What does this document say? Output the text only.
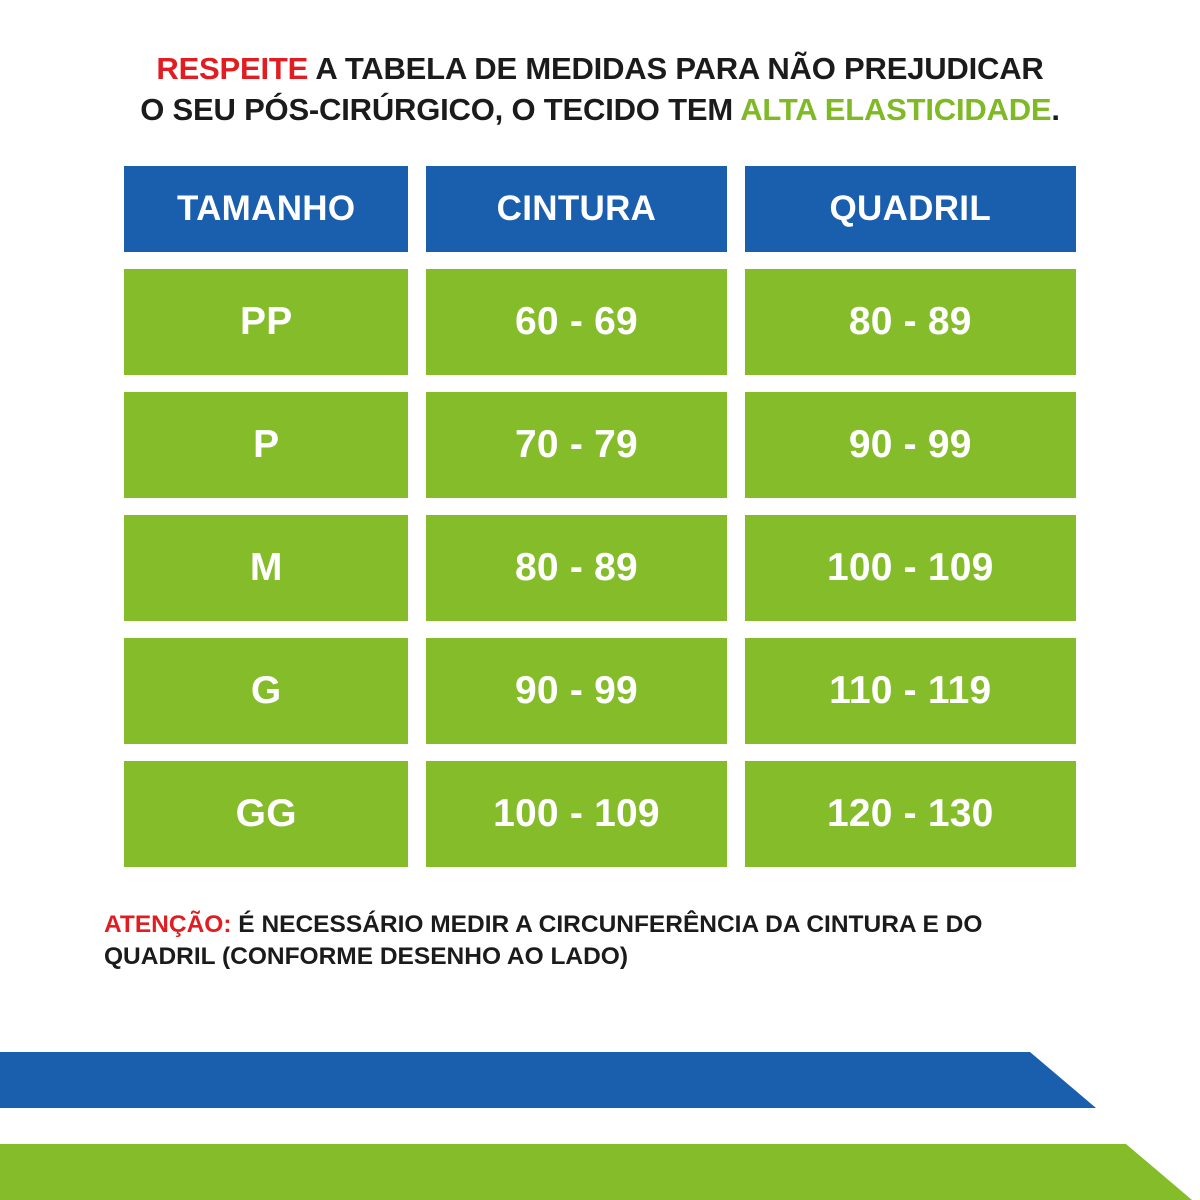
RESPEITE A TABELA DE MEDIDAS PARA NÃO PREJUDICAR
O SEU PÓS-CIRÚRGICO, O TECIDO TEM ALTA ELASTICIDADE.
TAMANHO	CINTURA	QUADRIL
PP	60 - 69	80 - 89
P	70 - 79	90 - 99
M	80 - 89	100 - 109
G	90 - 99	110 - 119
GG	100 - 109	120 - 130
ATENÇÃO: É NECESSÁRIO MEDIR A CIRCUNFERÊNCIA DA CINTURA E DO QUADRIL (CONFORME DESENHO AO LADO)
